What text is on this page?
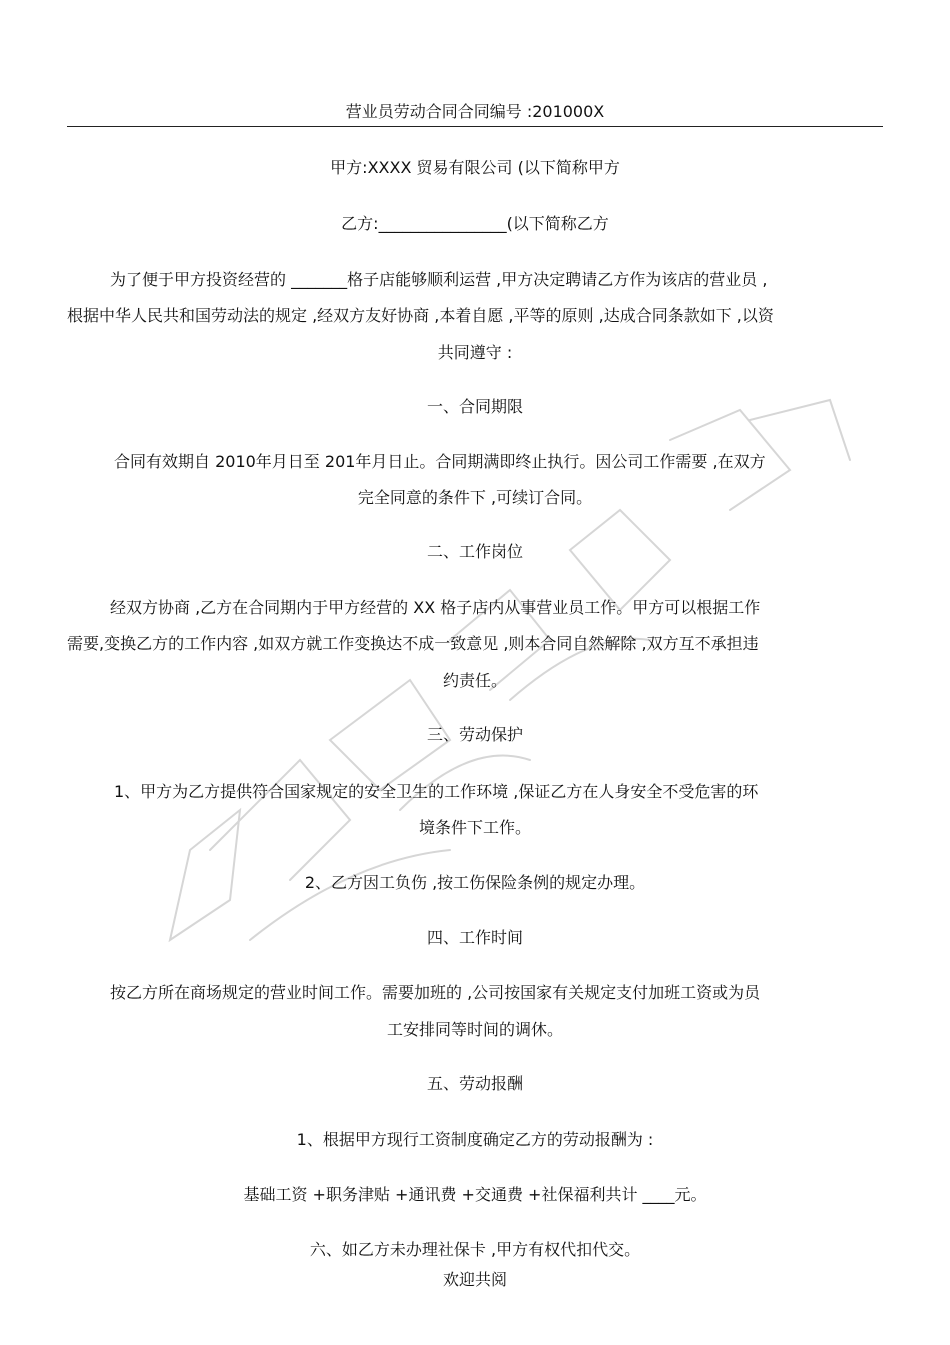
营业员劳动合同合同编号 :201000X
甲方:XXXX 贸易有限公司 (以下简称甲方
乙方:________________(以下简称乙方
为了便于甲方投资经营的 _______格子店能够顺利运营 ,甲方决定聘请乙方作为该店的营业员 ,
根据中华人民共和国劳动法的规定 ,经双方友好协商 ,本着自愿 ,平等的原则 ,达成合同条款如下 ,以资
共同遵守 :
一、合同期限
合同有效期自 2010年月日至 201年月日止。合同期满即终止执行。因公司工作需要 ,在双方
完全同意的条件下 ,可续订合同。
二、工作岗位
经双方协商 ,乙方在合同期内于甲方经营的 XX 格子店内从事营业员工作。甲方可以根据工作
需要,变换乙方的工作内容 ,如双方就工作变换达不成一致意见 ,则本合同自然解除 ,双方互不承担违
约责任。
三、劳动保护
1、甲方为乙方提供符合国家规定的安全卫生的工作环境 ,保证乙方在人身安全不受危害的环
境条件下工作。
2、乙方因工负伤 ,按工伤保险条例的规定办理。
四、工作时间
按乙方所在商场规定的营业时间工作。需要加班的 ,公司按国家有关规定支付加班工资或为员
工安排同等时间的调休。
五、劳动报酬
1、根据甲方现行工资制度确定乙方的劳动报酬为 :
基础工资 +职务津贴 +通讯费 +交通费 +社保福利共计 ____元。
六、如乙方未办理社保卡 ,甲方有权代扣代交。
欢迎共阅
